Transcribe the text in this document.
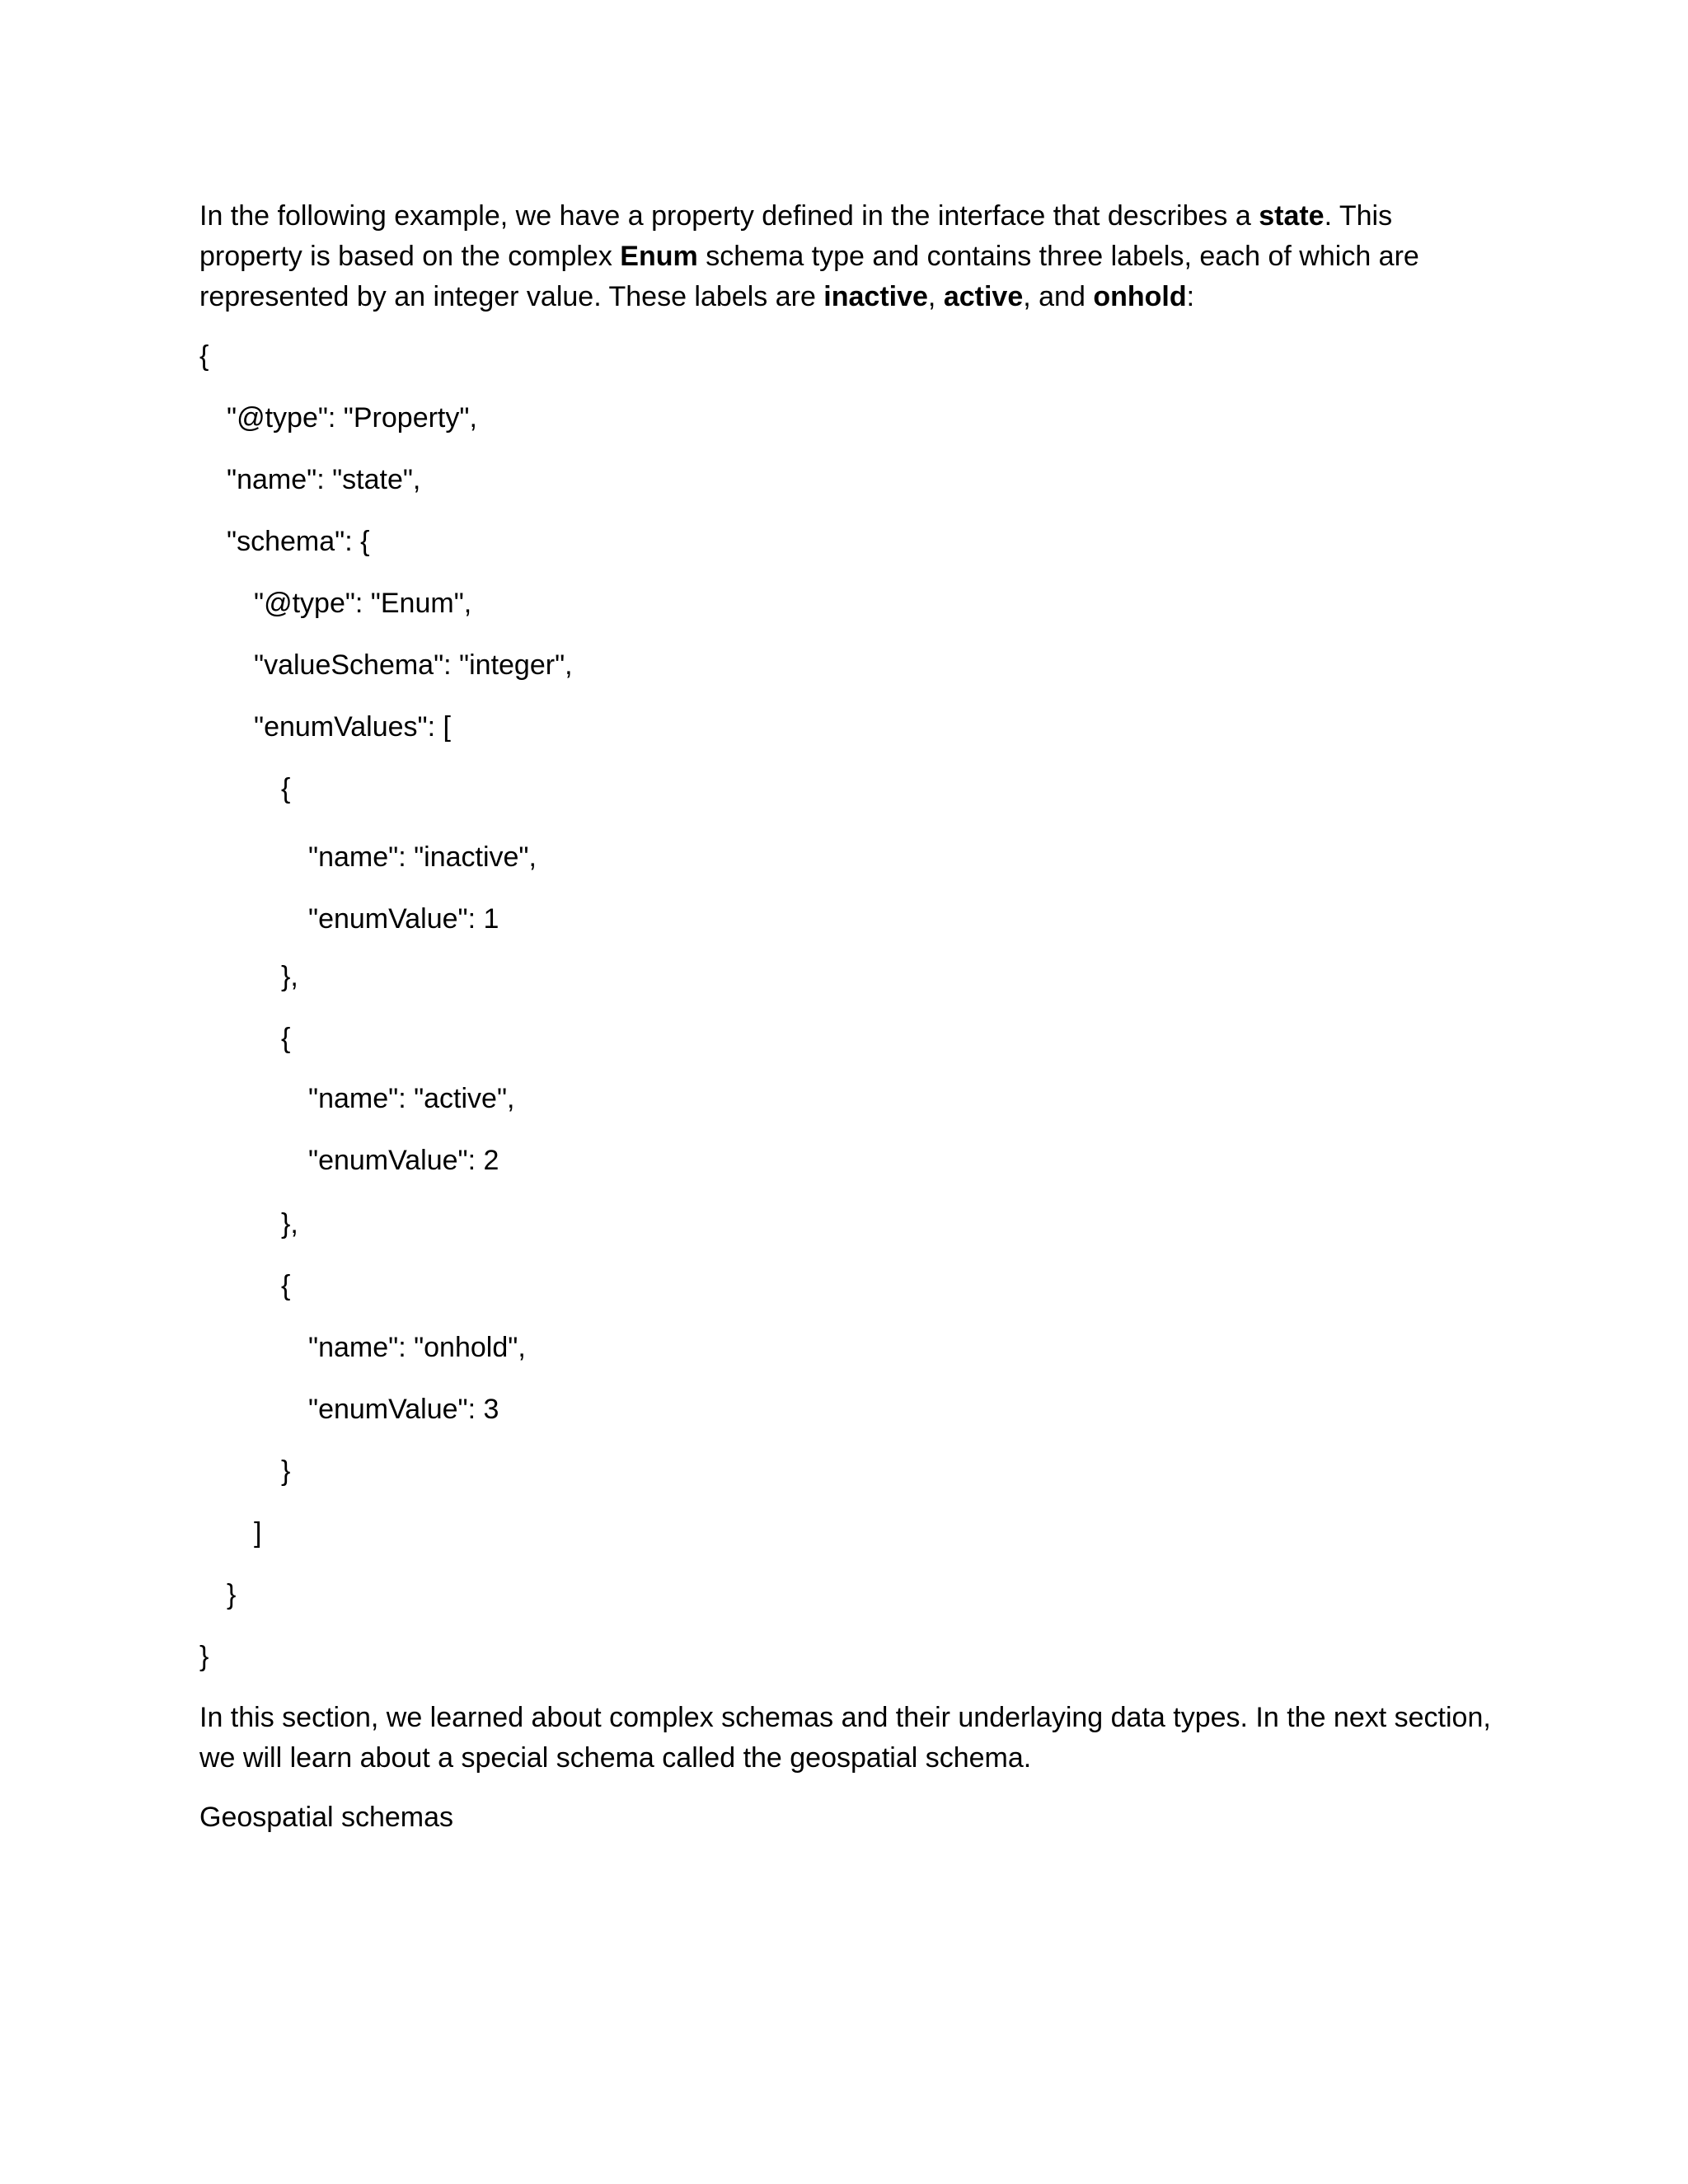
In the following example, we have a property defined in the interface that describes a state. This property is based on the complex Enum schema type and contains three labels, each of which are represented by an integer value. These labels are inactive, active, and onhold:

{

"@type": "Property",

"name": "state",

"schema": {

"@type": "Enum",

"valueSchema": "integer",

"enumValues": [

{

"name": "inactive",

"enumValue": 1

},

{

"name": "active",

"enumValue": 2

},

{

"name": "onhold",

"enumValue": 3

}

]

}

}

In this section, we learned about complex schemas and their underlaying data types. In the next section, we will learn about a special schema called the geospatial schema.

Geospatial schemas
